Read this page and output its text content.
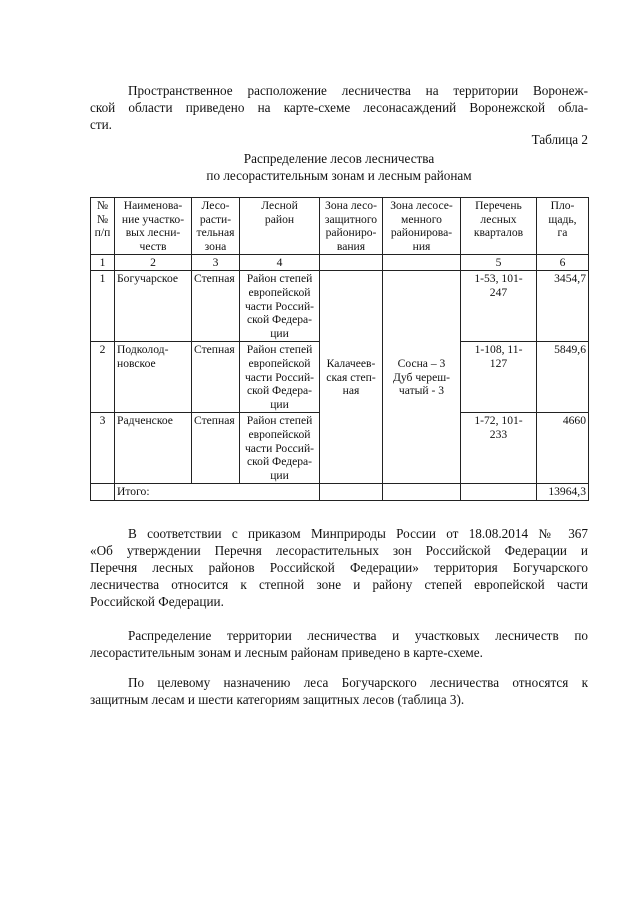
Пространственное расположение лесничества на территории Воронеж-
ской области приведено на карте-схеме лесонасаждений Воронежской обла-
сти.

Таблица 2
Распределение лесов лесничества
по лесорастительным зонам и лесным районам
№
№
п/п	Наименова-
ние участко-
вых лесни-
честв	Лесо-
расти-
тельная
зона	Лесной
район	Зона лесо-
защитного
райониро-
вания	Зона лесосе-
менного
районирова-
ния	Перечень
лесных
кварталов	Пло-
щадь,
га
1	2	3	4			5	6
1	Богучарское	Степная	Район степей
европейской
части Россий-
ской Федера-
ции	Калачеев-
ская степ-
ная	Сосна – 3
Дуб череш-
чатый - 3	1-53, 101-
247	3454,7
2	Подколод-
новское	Степная	Район степей
европейской
части Россий-
ской Федера-
ции			1-108, 11-
127	5849,6
3	Радченское	Степная	Район степей
европейской
части Россий-
ской Федера-
ции			1-72, 101-
233	4660
	Итого:						13964,3

В соответствии с приказом Минприроды России от 18.08.2014 № 367
«Об утверждении Перечня лесорастительных зон Российской Федерации и
Перечня лесных районов Российской Федерации» территория Богучарского
лесничества относится к степной зоне и району степей европейской части
Российской Федерации.

Распределение территории лесничества и участковых лесничеств по
лесорастительным зонам и лесным районам приведено в карте-схеме.

По целевому назначению леса Богучарского лесничества относятся к
защитным лесам и шести категориям защитных лесов (таблица 3).
